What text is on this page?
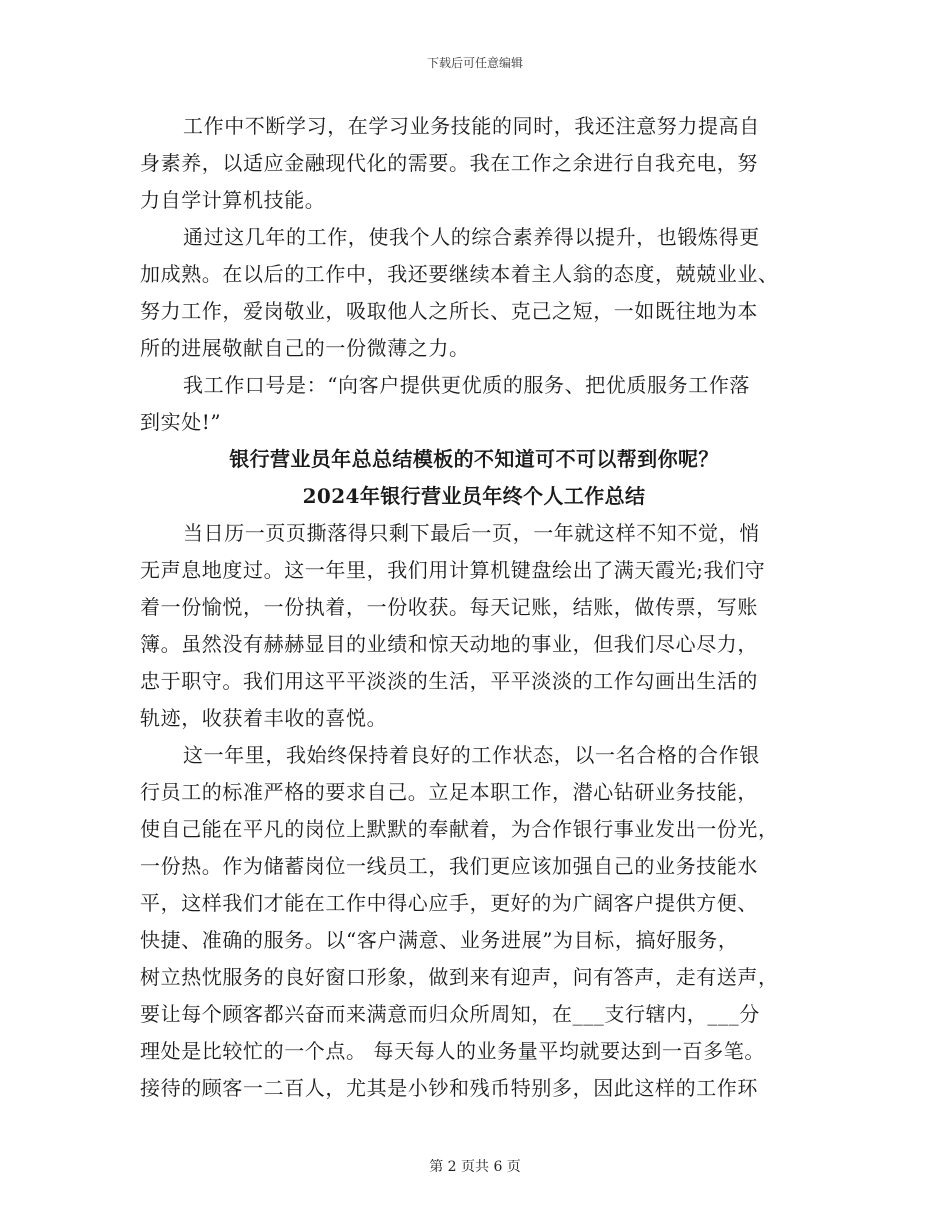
下载后可任意编辑
工作中不断学习，在学习业务技能的同时，我还注意努力提高自
身素养，以适应金融现代化的需要。我在工作之余进行自我充电，努
力自学计算机技能。
通过这几年的工作，使我个人的综合素养得以提升，也锻炼得更
加成熟。在以后的工作中，我还要继续本着主人翁的态度，兢兢业业、
努力工作，爱岗敬业，吸取他人之所长、克己之短，一如既往地为本
所的进展敬献自己的一份微薄之力。
我工作口号是：“向客户提供更优质的服务、把优质服务工作落
到实处!”
银行营业员年总总结模板的不知道可不可以帮到你呢？
2024年银行营业员年终个人工作总结
当日历一页页撕落得只剩下最后一页，一年就这样不知不觉，悄
无声息地度过。这一年里，我们用计算机键盘绘出了满天霞光;我们守
着一份愉悦，一份执着，一份收获。每天记账，结账，做传票，写账
簿。虽然没有赫赫显目的业绩和惊天动地的事业，但我们尽心尽力，
忠于职守。我们用这平平淡淡的生活，平平淡淡的工作勾画出生活的
轨迹，收获着丰收的喜悦。
这一年里，我始终保持着良好的工作状态，以一名合格的合作银
行员工的标准严格的要求自己。立足本职工作，潜心钻研业务技能，
使自己能在平凡的岗位上默默的奉献着，为合作银行事业发出一份光，
一份热。作为储蓄岗位一线员工，我们更应该加强自己的业务技能水
平，这样我们才能在工作中得心应手，更好的为广阔客户提供方便、
快捷、准确的服务。以“客户满意、业务进展”为目标，搞好服务，
树立热忱服务的良好窗口形象，做到来有迎声，问有答声，走有送声，
要让每个顾客都兴奋而来满意而归众所周知，在___支行辖内，___分
理处是比较忙的一个点。 每天每人的业务量平均就要达到一百多笔。
接待的顾客一二百人，尤其是小钞和残币特别多，因此这样的工作环
第 2 页共 6 页
